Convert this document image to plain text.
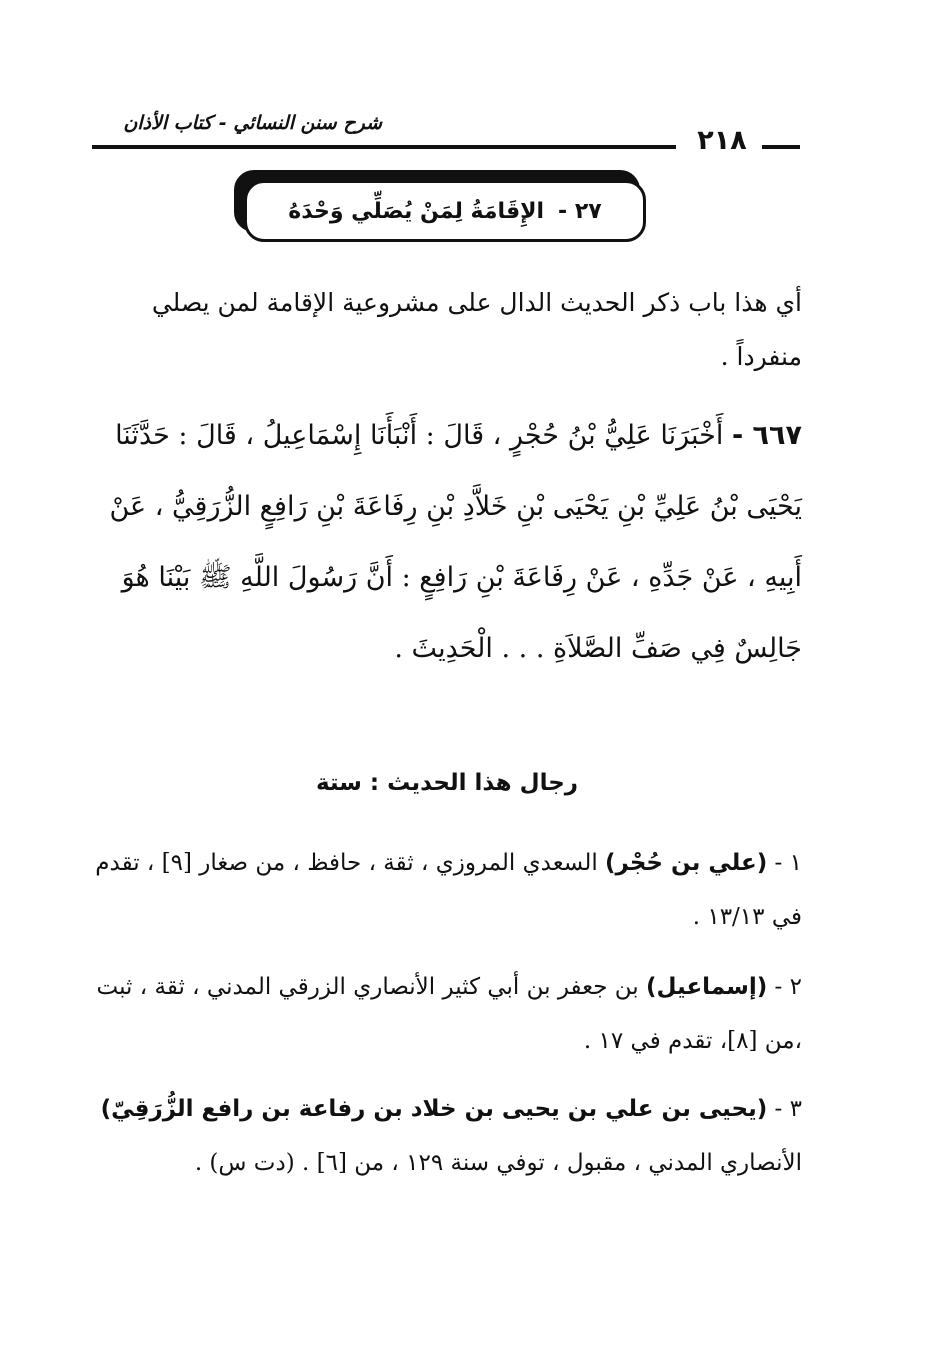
شرح سنن النسائي - كتاب الأذان
٢١٨
٢٧ -
الإِقَامَةُ لِمَنْ يُصَلِّي وَحْدَهُ
أي هذا باب ذكر الحديث الدال على مشروعية الإقامة لمن يصلي منفرداً .
٦٦٧ - أَخْبَرَنَا عَلِيُّ بْنُ حُجْرٍ ، قَالَ : أَنْبَأَنَا إِسْمَاعِيلُ ، قَالَ : حَدَّثَنَا يَحْيَى بْنُ عَلِيِّ بْنِ يَحْيَى بْنِ خَلاَّدِ بْنِ رِفَاعَةَ بْنِ رَافِعٍ الزُّرَقِيُّ ، عَنْ أَبِيهِ ، عَنْ جَدِّهِ ، عَنْ رِفَاعَةَ بْنِ رَافِعٍ : أَنَّ رَسُولَ اللَّهِ ﷺ بَيْنَا هُوَ جَالِسٌ فِي صَفِّ الصَّلاَةِ . . . الْحَدِيثَ .
رجال هذا الحديث : ستة
١ - (علي بن حُجْر) السعدي المروزي ، ثقة ، حافظ ، من صغار [٩] ، تقدم في ١٣/١٣ .
٢ - (إسماعيل) بن جعفر بن أبي كثير الأنصاري الزرقي المدني ، ثقة ، ثبت ،من [٨]، تقدم في ١٧ .
٣ - (يحيى بن علي بن يحيى بن خلاد بن رفاعة بن رافع الزُّرَقِيّ) الأنصاري المدني ، مقبول ، توفي سنة ١٢٩ ، من [٦] . (دت س) .
